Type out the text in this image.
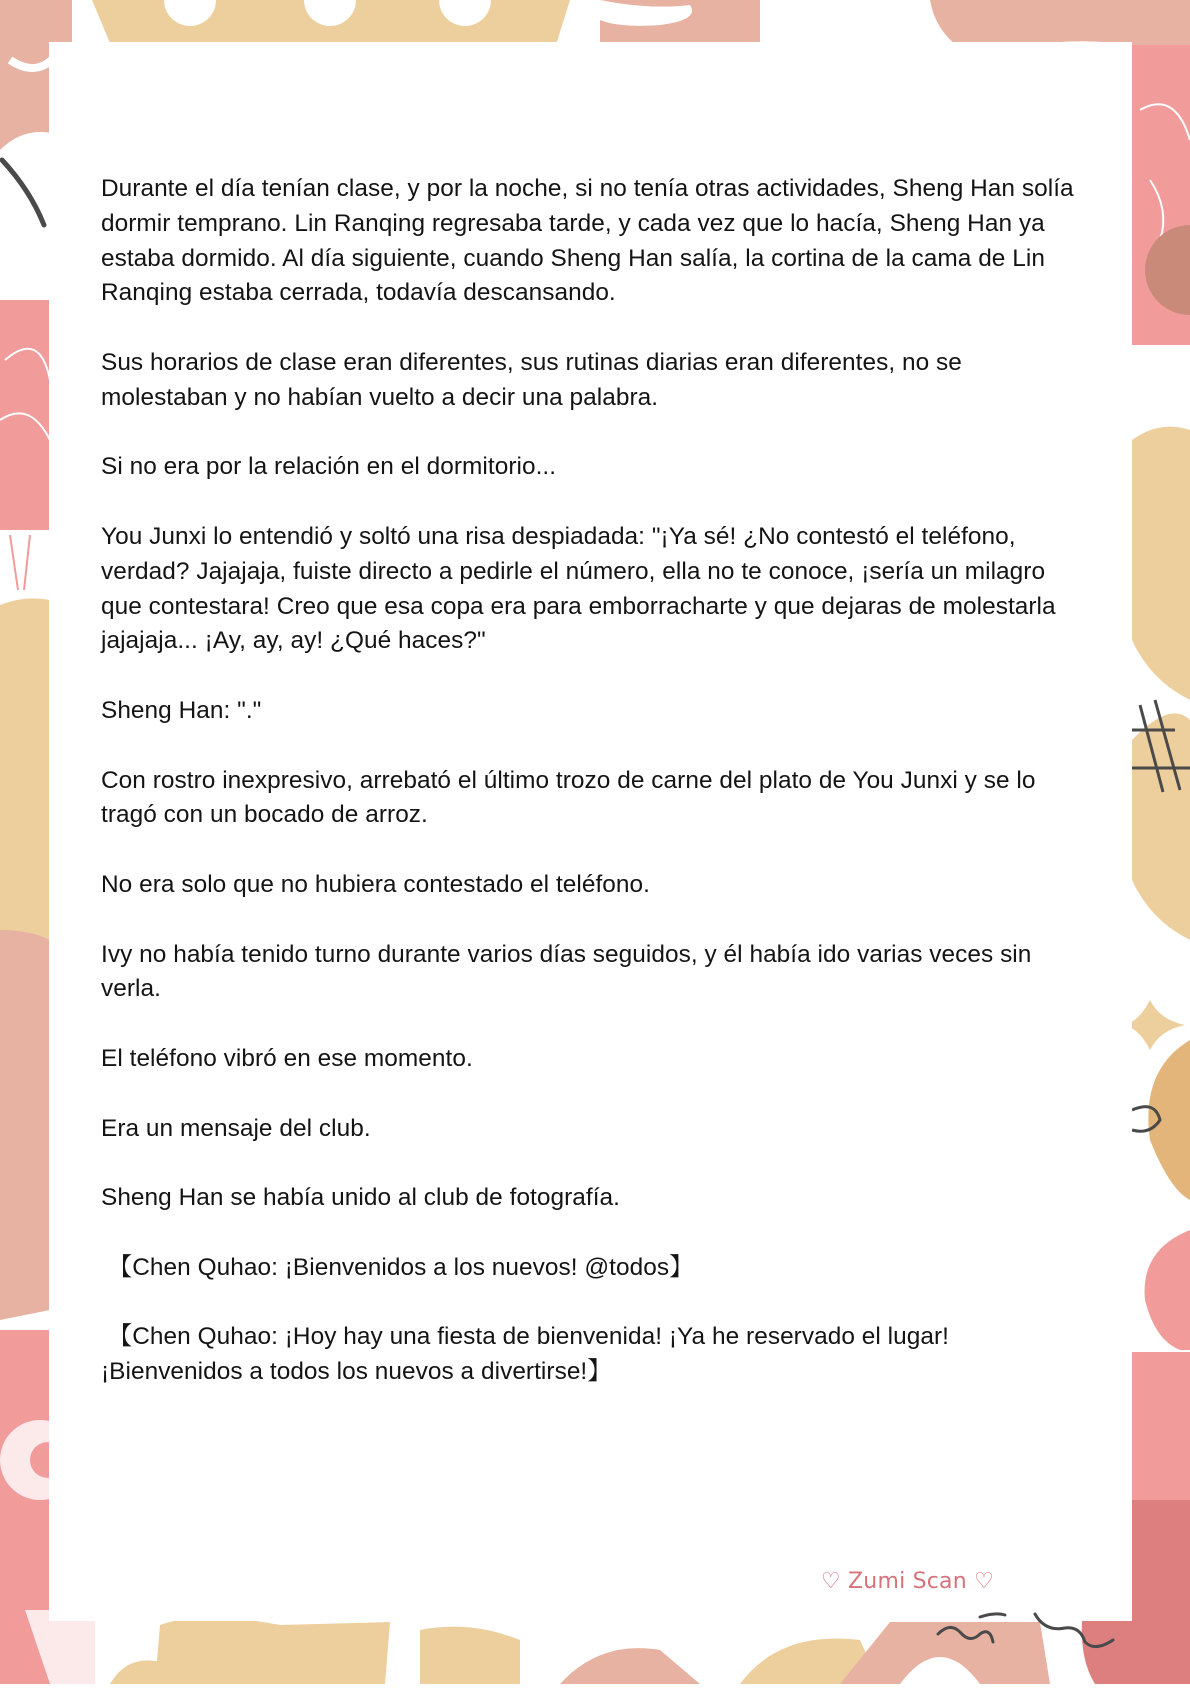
Durante el día tenían clase, y por la noche, si no tenía otras actividades, Sheng Han solía dormir temprano. Lin Ranqing regresaba tarde, y cada vez que lo hacía, Sheng Han ya estaba dormido. Al día siguiente, cuando Sheng Han salía, la cortina de la cama de Lin Ranqing estaba cerrada, todavía descansando.

Sus horarios de clase eran diferentes, sus rutinas diarias eran diferentes, no se molestaban y no habían vuelto a decir una palabra.

Si no era por la relación en el dormitorio...

You Junxi lo entendió y soltó una risa despiadada: "¡Ya sé! ¿No contestó el teléfono, verdad? Jajajaja, fuiste directo a pedirle el número, ella no te conoce, ¡sería un milagro que contestara! Creo que esa copa era para emborracharte y que dejaras de molestarla jajajaja... ¡Ay, ay, ay! ¿Qué haces?"

Sheng Han: "."

Con rostro inexpresivo, arrebató el último trozo de carne del plato de You Junxi y se lo tragó con un bocado de arroz.

No era solo que no hubiera contestado el teléfono.

Ivy no había tenido turno durante varios días seguidos, y él había ido varias veces sin verla.

El teléfono vibró en ese momento.

Era un mensaje del club.

Sheng Han se había unido al club de fotografía.

【Chen Quhao: ¡Bienvenidos a los nuevos! @todos】

【Chen Quhao: ¡Hoy hay una fiesta de bienvenida! ¡Ya he reservado el lugar! ¡Bienvenidos a todos los nuevos a divertirse!】

♡ Zumi Scan ♡
